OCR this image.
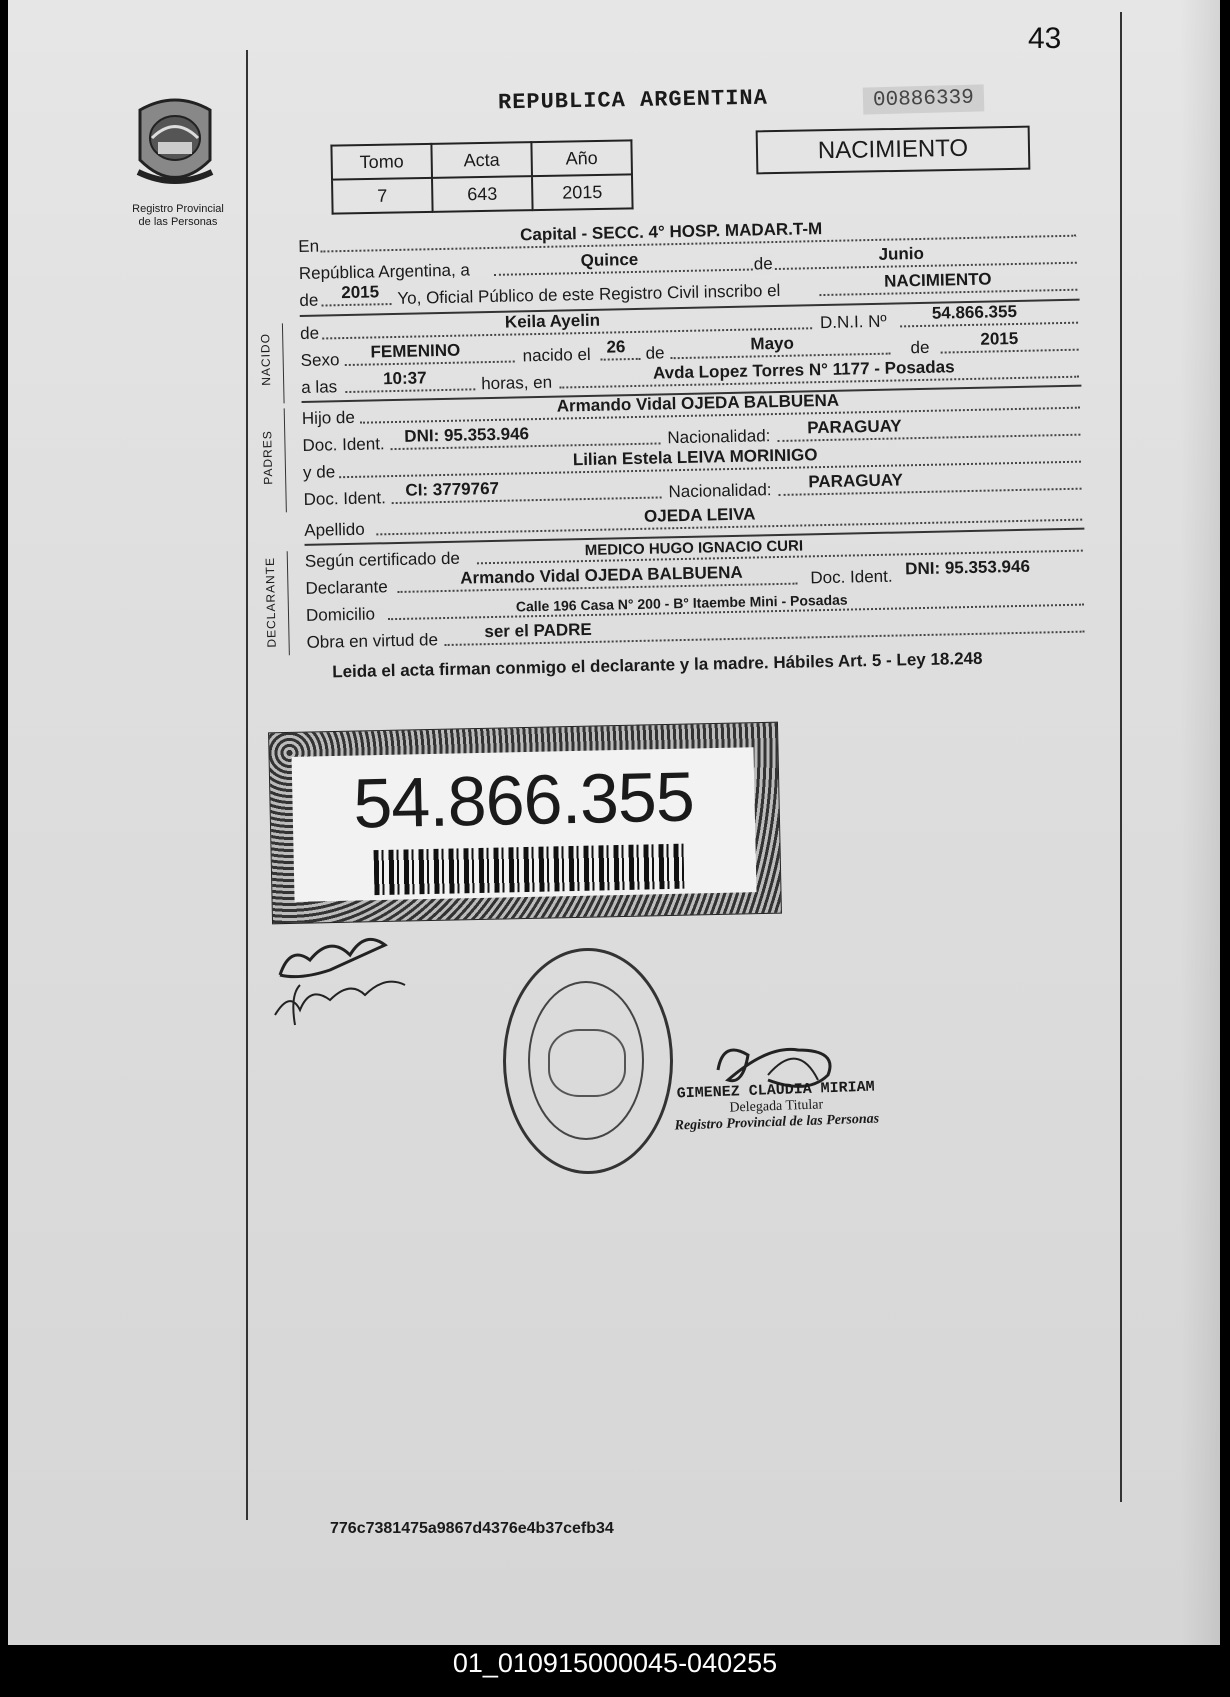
43
Registro Provincial
de las Personas
REPUBLICA ARGENTINA	00886339
NACIMIENTO
Tomo	Acta	Año
7	643	2015
En
Capital - SECC. 4° HOSP. MADAR.T-M
República Argentina, a
Quince	de	Junio
de 2015 Yo, Oficial Público de este Registro Civil inscribo el
NACIMIENTO
NACIDO de
Keila Ayelin	D.N.I. Nº	54.866.355
Sexo FEMENINO	nacido el 26 de	Mayo	de	2015
a las	10:37	horas, en
Avda Lopez Torres N° 1177 - Posadas
PADRES
Hijo de
Armando Vidal OJEDA BALBUENA
Doc. Ident. DNI: 95.353.946	Nacionalidad: PARAGUAY
y de
Lilian Estela LEIVA MORINIGO
Doc. Ident. CI: 3779767	Nacionalidad: PARAGUAY
Apellido
OJEDA LEIVA
DECLARANTE Según certificado de
MEDICO HUGO IGNACIO CURI
Declarante	Armando Vidal OJEDA BALBUENA	Doc. Ident. DNI: 95.353.946
Domicilio
Calle 196 Casa N° 200 - B° Itaembe Mini - Posadas
Obra en virtud de	ser el PADRE
Leida el acta firman conmigo el declarante y la madre. Hábiles Art. 5 - Ley 18.248
54.866.355
GIMENEZ CLAUDIA MIRIAM
Delegada Titular
Registro Provincial de las Personas
776c7381475a9867d4376e4b37cefb34
01_010915000045-040255
